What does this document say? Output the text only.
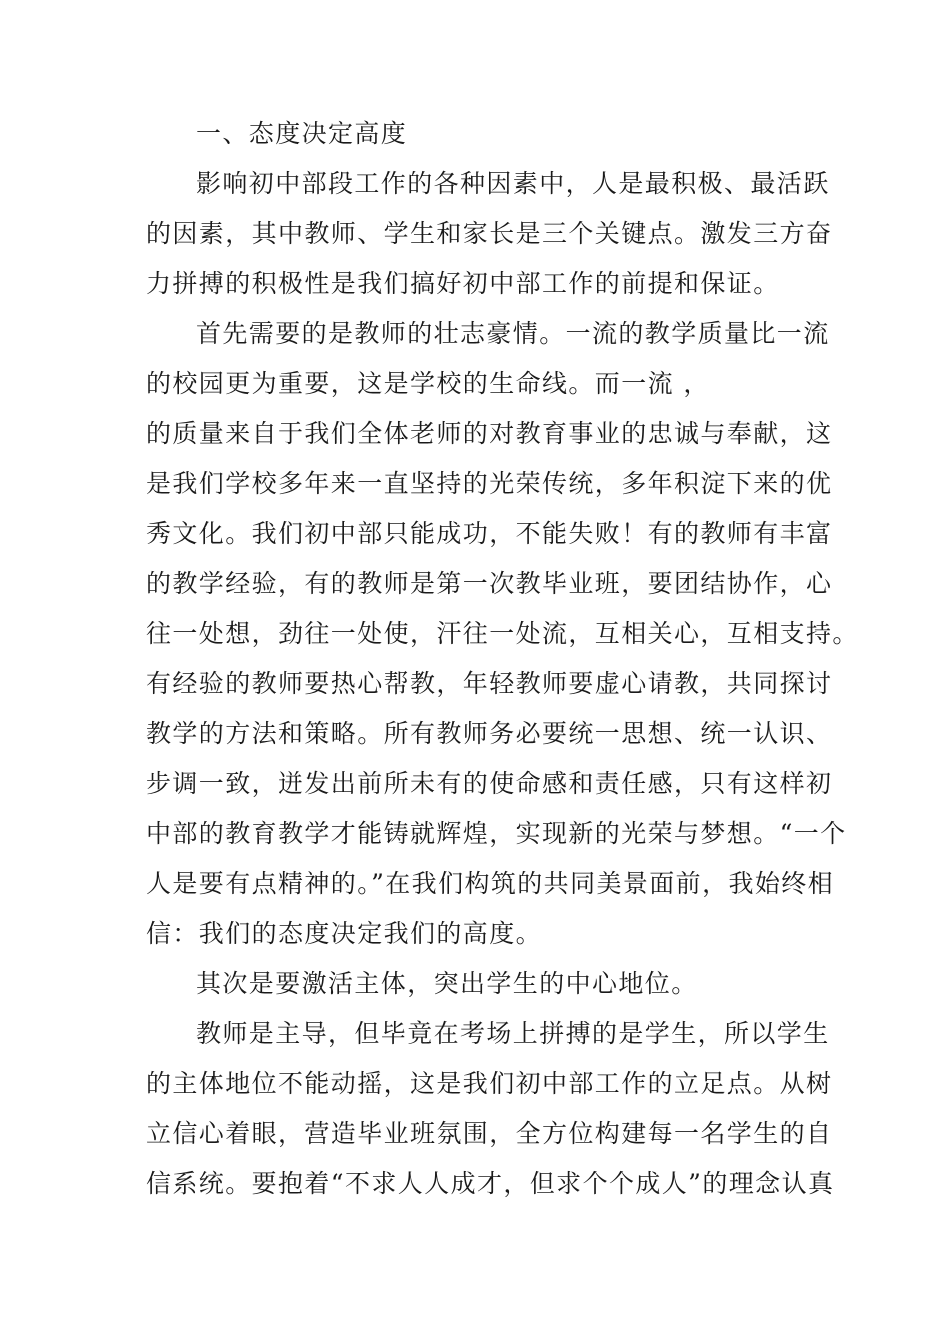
一、态度决定高度
影响初中部段工作的各种因素中，人是最积极、最活跃
的因素，其中教师、学生和家长是三个关键点。激发三方奋
力拼搏的积极性是我们搞好初中部工作的前提和保证。
首先需要的是教师的壮志豪情。一流的教学质量比一流
的校园更为重要，这是学校的生命线。而一流 ，
的质量来自于我们全体老师的对教育事业的忠诚与奉献，这
是我们学校多年来一直坚持的光荣传统，多年积淀下来的优
秀文化。我们初中部只能成功，不能失败！有的教师有丰富
的教学经验，有的教师是第一次教毕业班，要团结协作，心
往一处想，劲往一处使，汗往一处流，互相关心，互相支持。
有经验的教师要热心帮教，年轻教师要虚心请教，共同探讨
教学的方法和策略。所有教师务必要统一思想、统一认识、
步调一致，迸发出前所未有的使命感和责任感，只有这样初
中部的教育教学才能铸就辉煌，实现新的光荣与梦想。“一个
人是要有点精神的。”在我们构筑的共同美景面前，我始终相
信：我们的态度决定我们的高度。
其次是要激活主体，突出学生的中心地位。
教师是主导，但毕竟在考场上拼搏的是学生，所以学生
的主体地位不能动摇，这是我们初中部工作的立足点。从树
立信心着眼，营造毕业班氛围，全方位构建每一名学生的自
信系统。要抱着“不求人人成才，但求个个成人”的理念认真
